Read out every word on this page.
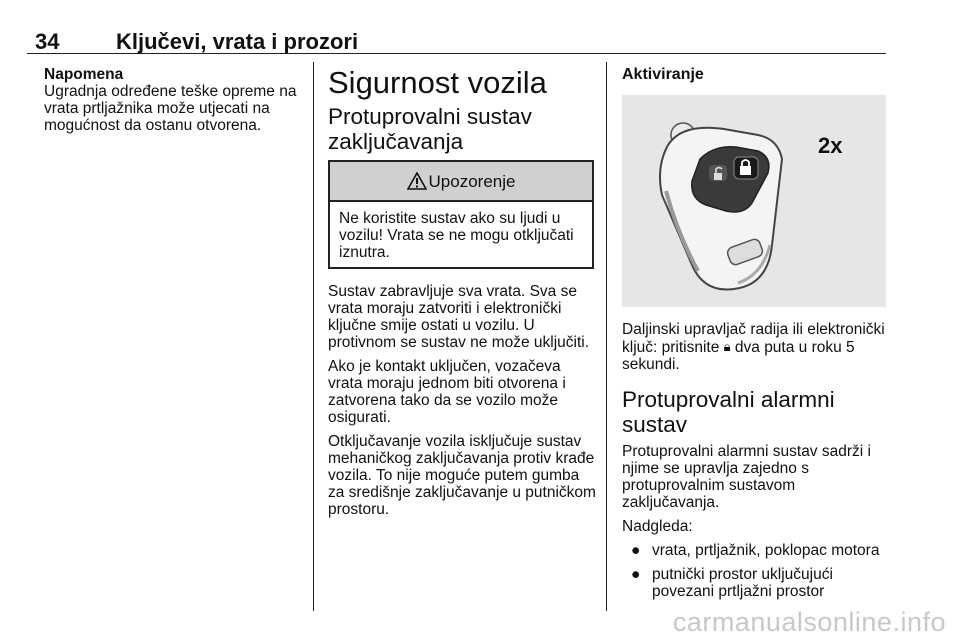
34	Ključevi, vrata i prozori
Napomena
Ugradnja određene teške opreme na vrata prtljažnika može utjecati na mogućnost da ostanu otvorena.
Sigurnost vozila
Protuprovalni sustav zaključavanja
Upozorenje
Ne koristite sustav ako su ljudi u vozilu! Vrata se ne mogu otključati iznutra.
Sustav zabravljuje sva vrata. Sva se vrata moraju zatvoriti i elektronički ključne smije ostati u vozilu. U protivnom se sustav ne može uključiti.
Ako je kontakt uključen, vozačeva vrata moraju jednom biti otvorena i zatvorena tako da se vozilo može osigurati.
Otključavanje vozila isključuje sustav mehaničkog zaključavanja protiv krađe vozila. To nije moguće putem gumba za središnje zaključavanje u putničkom prostoru.
Aktiviranje
2x
Daljinski upravljač radija ili elektronički ključ: pritisnite 🔒︎ dva puta u roku 5 sekundi.
Protuprovalni alarmni sustav
Protuprovalni alarmni sustav sadrži i njime se upravlja zajedno s protuprovalnim sustavom zaključavanja.
Nadgleda:
● vrata, prtljažnik, poklopac motora
● putnički prostor uključujući povezani prtljažni prostor
carmanualsonline.info
